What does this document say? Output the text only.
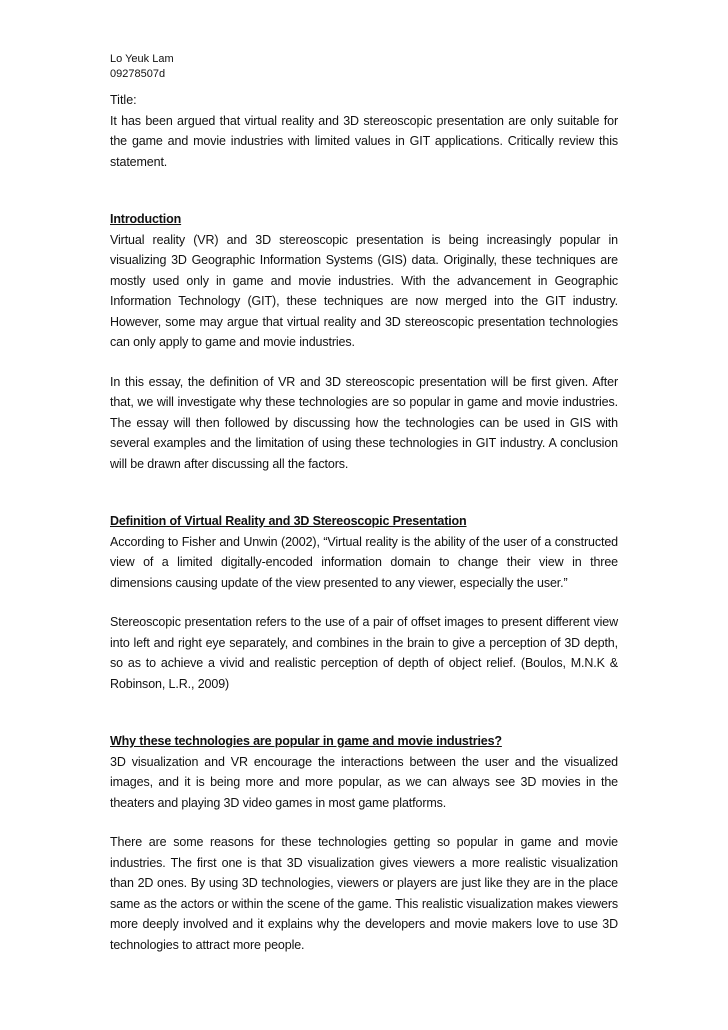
Lo Yeuk Lam
09278507d
Title:

It has been argued that virtual reality and 3D stereoscopic presentation are only suitable for the game and movie industries with limited values in GIT applications. Critically review this statement.

Introduction

Virtual reality (VR) and 3D stereoscopic presentation is being increasingly popular in visualizing 3D Geographic Information Systems (GIS) data. Originally, these techniques are mostly used only in game and movie industries. With the advancement in Geographic Information Technology (GIT), these techniques are now merged into the GIT industry. However, some may argue that virtual reality and 3D stereoscopic presentation technologies can only apply to game and movie industries.

In this essay, the definition of VR and 3D stereoscopic presentation will be first given. After that, we will investigate why these technologies are so popular in game and movie industries. The essay will then followed by discussing how the technologies can be used in GIS with several examples and the limitation of using these technologies in GIT industry. A conclusion will be drawn after discussing all the factors.

Definition of Virtual Reality and 3D Stereoscopic Presentation

According to Fisher and Unwin (2002), “Virtual reality is the ability of the user of a constructed view of a limited digitally-encoded information domain to change their view in three dimensions causing update of the view presented to any viewer, especially the user.”

Stereoscopic presentation refers to the use of a pair of offset images to present different view into left and right eye separately, and combines in the brain to give a perception of 3D depth, so as to achieve a vivid and realistic perception of depth of object relief. (Boulos, M.N.K & Robinson, L.R., 2009)

Why these technologies are popular in game and movie industries?

3D visualization and VR encourage the interactions between the user and the visualized images, and it is being more and more popular, as we can always see 3D movies in the theaters and playing 3D video games in most game platforms.

There are some reasons for these technologies getting so popular in game and movie industries. The first one is that 3D visualization gives viewers a more realistic visualization than 2D ones. By using 3D technologies, viewers or players are just like they are in the place same as the actors or within the scene of the game. This realistic visualization makes viewers more deeply involved and it explains why the developers and movie makers love to use 3D technologies to attract more people.
